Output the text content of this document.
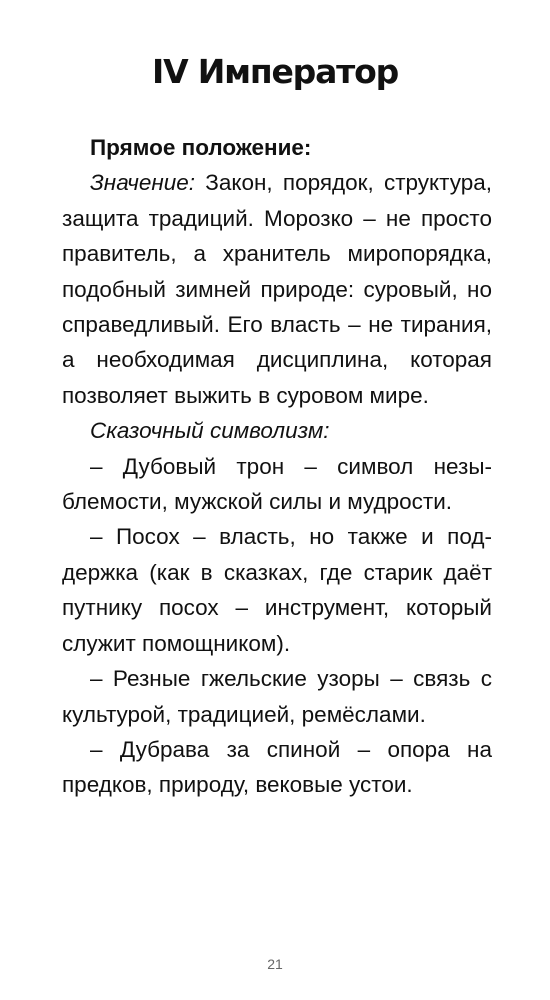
IV Император

Прямое положение:

Значение: Закон, порядок, структура, защита традиций. Морозко – не просто правитель, а хранитель миропорядка, подобный зимней природе: суровый, но справедливый. Его власть – не тирания, а необходимая дисциплина, которая позволяет выжить в суровом мире.

Сказочный символизм:

– Дубовый трон – символ незыблемости, мужской силы и мудрости.

– Посох – власть, но также и поддержка (как в сказках, где старик даёт путнику посох – инструмент, который служит помощником).

– Резные гжельские узоры – связь с культурой, традицией, ремёслами.

– Дубрава за спиной – опора на предков, природу, вековые устои.

21
